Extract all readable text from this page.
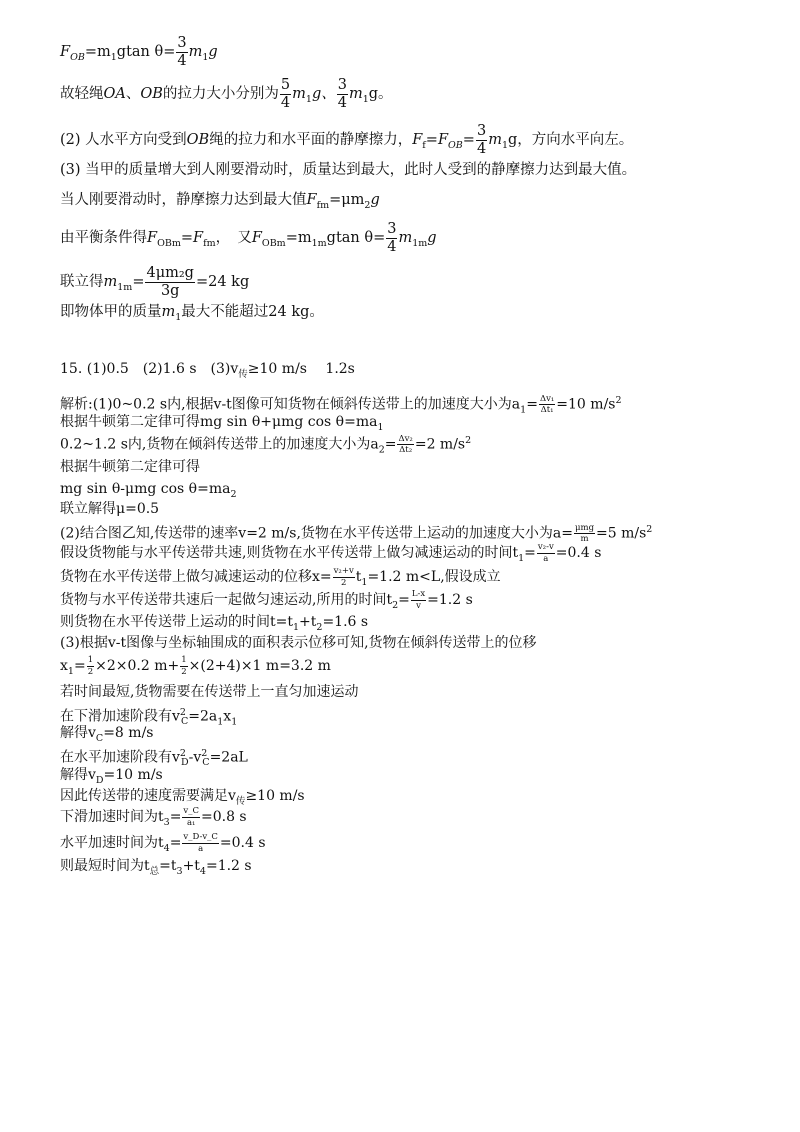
$F_{OB}=m_1gtan$ $\theta= \frac{3}{4} m_1g$
故轻绳OA、OB的拉力大小分别为 $\frac{5}{4} m_1g$、 $\frac{3}{4} m_1g$。
(2) 人水平方向受到OB绳的拉力和水平面的静摩擦力，$F_f=F_{OB}= \frac{3}{4} m_1g$，方向水平向左。
(3) 当甲的质量增大到人刚要滑动时，质量达到最大，此时人受到的静摩擦力达到最大值。
当人刚要滑动时，静摩擦力达到最大值$F_{fm}=\mu m_2g$
由平衡条件得$F_{OBm}=F_{fm}$，　又$F_{OBm}=m_{1m}gtan$ $\theta= \frac{3}{4} m_{1m}g$
联立得$m_{1m}= \frac{\text{4μm₂g}}{3g} =24$ kg
即物体甲的质量$m_1$最大不能超过24 kg。
15. (1)0.5　(2)1.6 s　$(3)v_传\ge 10$ m/s　 1.2s
解析:(1)0~0.2 s内,根据v-t图像可知货物在倾斜传送带上的加速度大小为$a_1= \frac{\text{Δv₁}}{\text{Δt₁}} =10$ $m/s^2$
根据牛顿第二定律可得mg sin θ+μmg $\cos \theta=ma_1$
0.2~1.2 s内,货物在倾斜传送带上的加速度大小为$a_2= \frac{\text{Δv₂}}{\text{Δt₂}} =2$ $m/s^2$
根据牛顿第二定律可得
mg sin θ-μmg $\cos \theta=ma_2$
联立解得μ=0.5
(2)结合图乙知,传送带的速率v=2 m/s,货物在水平传送带上运动的加速度大小为$a= \frac{\text{μmg}}{m} =5$ $m/s^2$
假设货物能与水平传送带共速,则货物在水平传送带上做匀减速运动的时间$t_1= \frac{\text{v₂-v}}{a} =0.4$ s
货物在水平传送带上做匀减速运动的位移$x= \frac{\text{v₂+v}}{2} t_1=1.2$ m<L,假设成立
货物与水平传送带共速后一起做匀速运动,所用的时间$t_2= \frac{L-x}{v} =1.2$ s
则货物在水平传送带上运动的时间$t=t_1+t_2=1.6$ s
(3)根据v-t图像与坐标轴围成的面积表示位移可知,货物在倾斜传送带上的位移
$x_1= \frac{1}{2} \times 2\times 0.2$ $m+ \frac{1}{2} \times(2+4)\times 1$ m=3.2 m
若时间最短,货物需要在传送带上一直匀加速运动
在下滑加速阶段有$v^2_C=2a_1x_1$
解得$v_C=8$ m/s
在水平加速阶段有$v^2_D-v^2_C=2aL$
解得$v_D=10$ m/s
因此传送带的速度需要满足$v_传\ge 10$ m/s
下滑加速时间为$t_3= \frac{v\_C}{\text{a₁}} =0.8$ s
水平加速时间为$t_4= \frac{v\_D-v\_C}{a} =0.4$ s
则最短时间为$t_总=t_3+t_4=1.2$ s
